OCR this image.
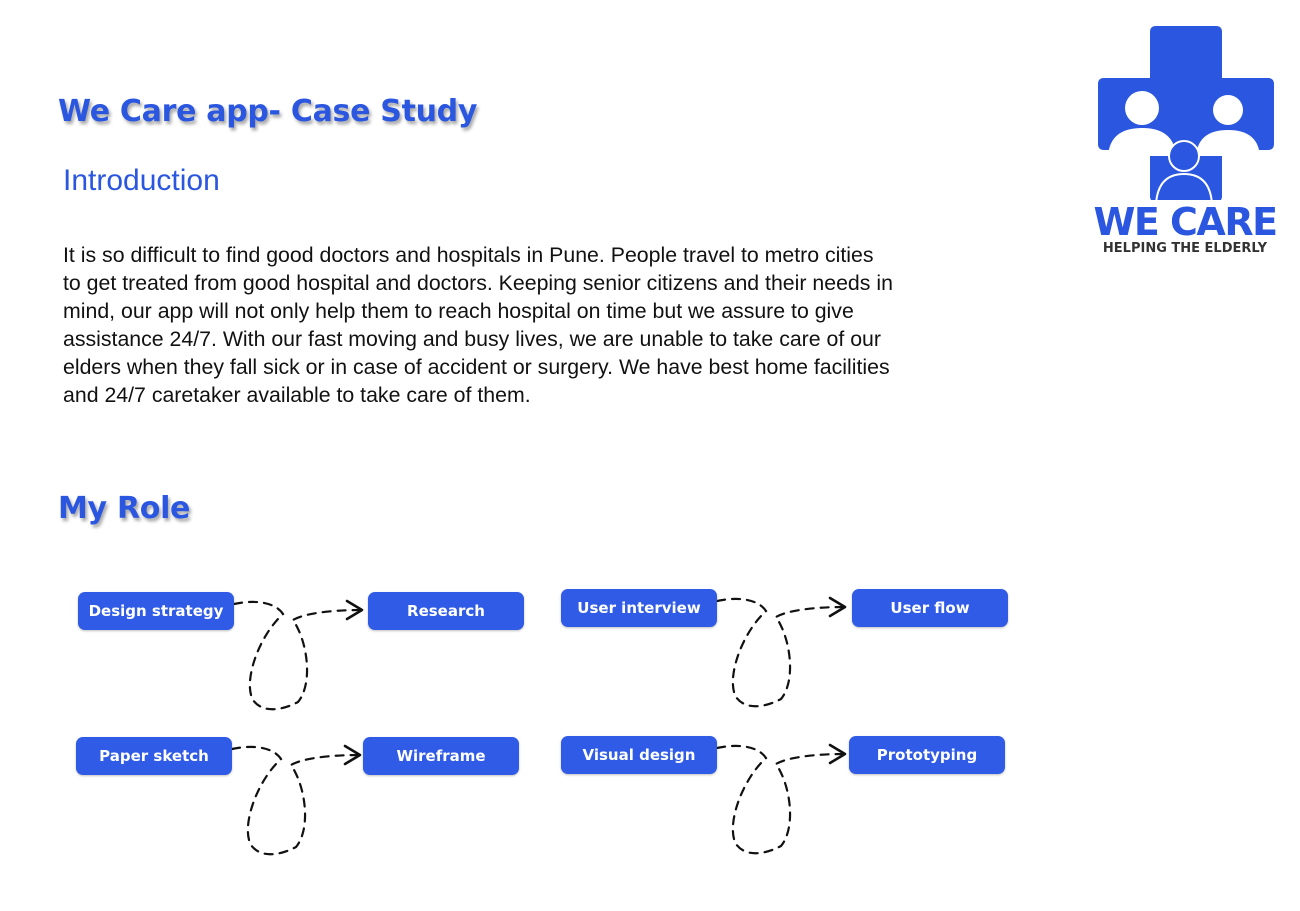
We Care app- Case Study
Introduction

It is so difficult to find good doctors and hospitals in Pune. People travel to metro cities to get treated from good hospital and doctors. Keeping senior citizens and their needs in mind, our app will not only help them to reach hospital on time but we assure to give assistance 24/7. With our fast moving and busy lives, we are unable to take care of our elders when they fall sick or in case of accident or surgery. We have best home facilities and 24/7 caretaker available to take care of them.

My Role
WE CARE
HELPING THE ELDERLY
Design strategy	Research	User interview	User flow
Paper sketch	Wireframe	Visual design	Prototyping
